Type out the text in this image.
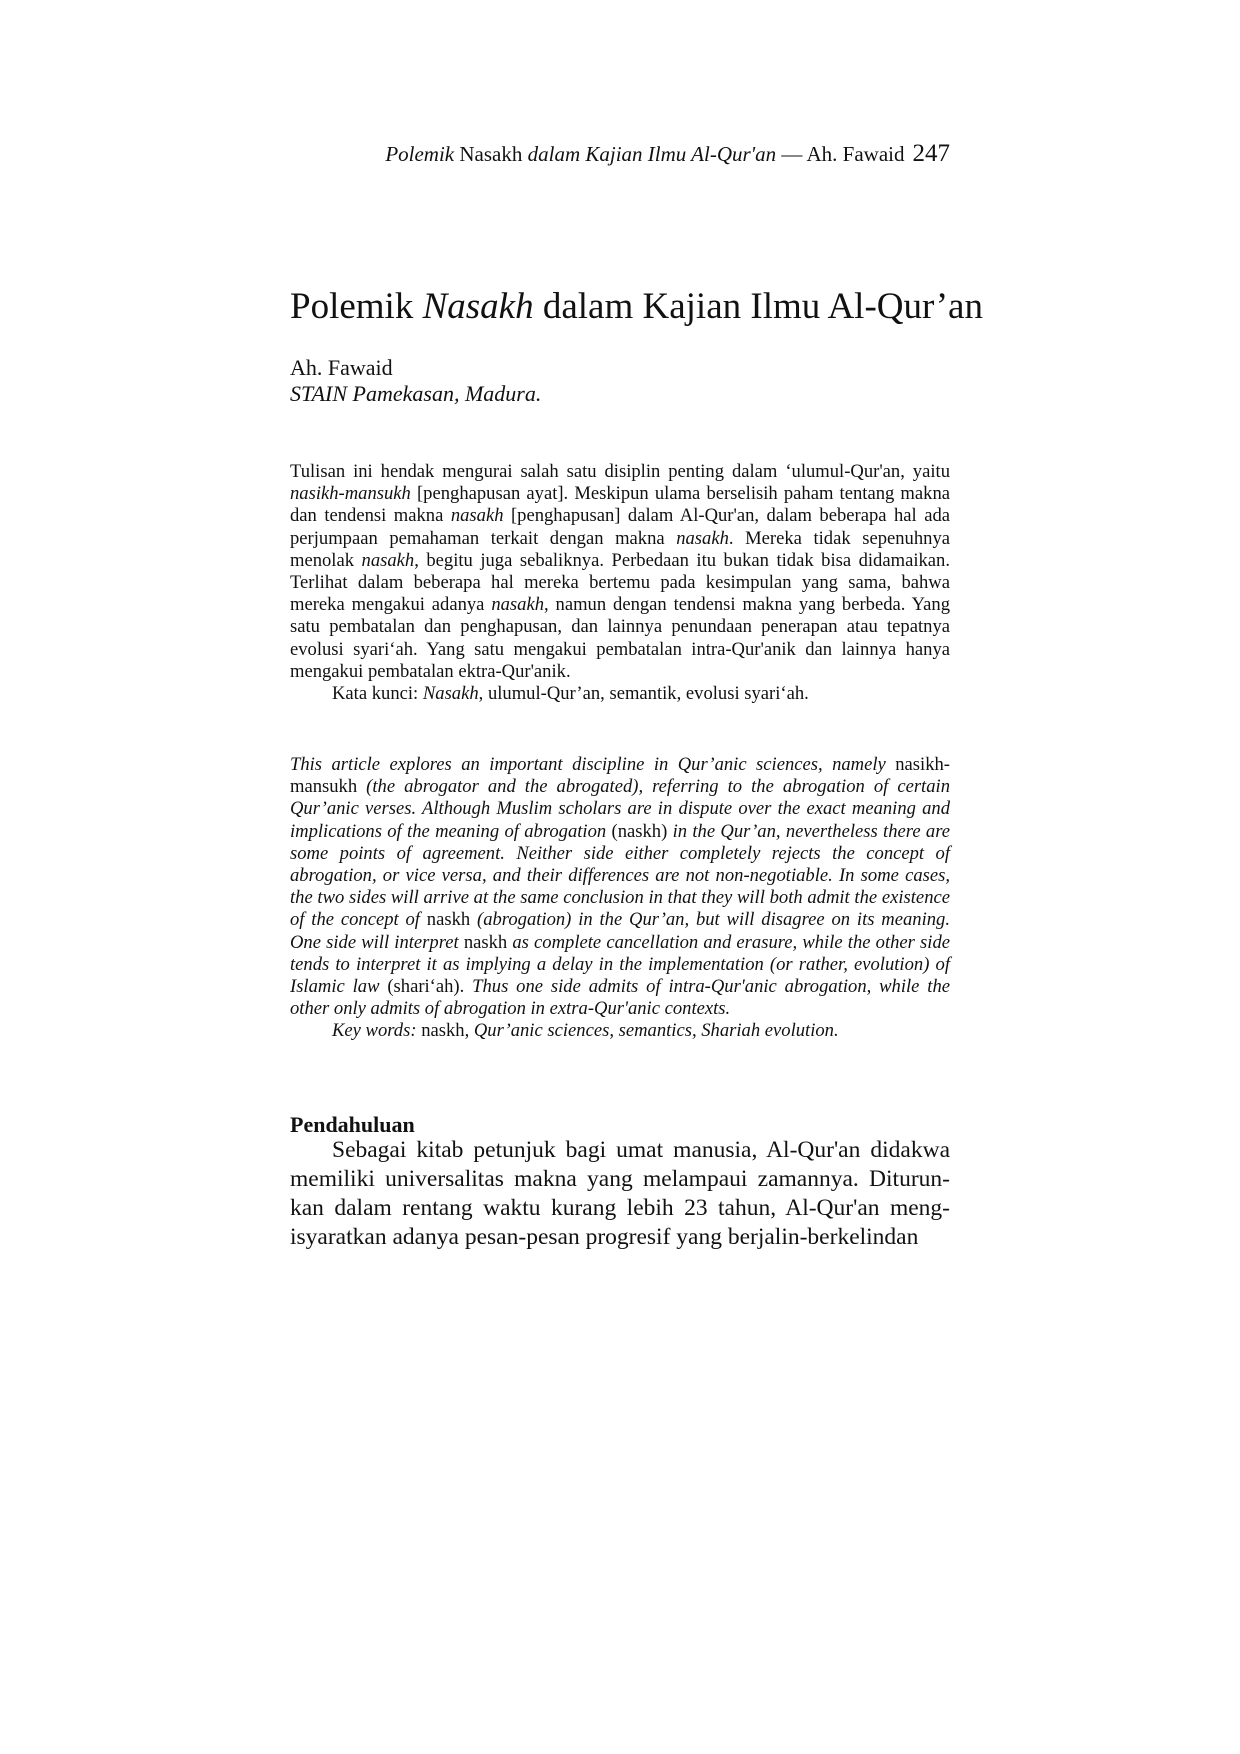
Polemik Nasakh dalam Kajian Ilmu Al-Qur'an — Ah. Fawaid 247
Polemik Nasakh dalam Kajian Ilmu Al-Qur’an
Ah. Fawaid
STAIN Pamekasan, Madura.

Tulisan ini hendak mengurai salah satu disiplin penting dalam ‘ulumul-Qur'an, yaitu nasikh-mansukh [penghapusan ayat]. Meskipun ulama berselisih paham tentang makna dan tendensi makna nasakh [penghapusan] dalam Al-Qur'an, dalam beberapa hal ada perjumpaan pemahaman terkait dengan makna nasakh. Mereka tidak sepenuhnya menolak nasakh, begitu juga sebaliknya. Perbedaan itu bukan tidak bisa didamaikan. Terlihat dalam beberapa hal mereka bertemu pada kesimpulan yang sama, bahwa mereka mengakui adanya nasakh, namun dengan tendensi makna yang berbeda. Yang satu pembatalan dan penghapusan, dan lainnya penundaan penerapan atau tepatnya evolusi syari‘ah. Yang satu mengakui pembatalan intra-Qur'anik dan lainnya hanya mengakui pembatalan ektra-Qur'anik.

Kata kunci: Nasakh, ulumul-Qur’an, semantik, evolusi syari‘ah.

This article explores an important discipline in Qur’anic sciences, namely nasikh-mansukh (the abrogator and the abrogated), referring to the abrogation of certain Qur’anic verses. Although Muslim scholars are in dispute over the exact meaning and implications of the meaning of abrogation (naskh) in the Qur’an, nevertheless there are some points of agreement. Neither side either completely rejects the concept of abrogation, or vice versa, and their differences are not non-negotiable. In some cases, the two sides will arrive at the same conclusion in that they will both admit the existence of the concept of naskh (abrogation) in the Qur’an, but will disagree on its meaning. One side will interpret naskh as complete cancellation and erasure, while the other side tends to interpret it as implying a delay in the implementation (or rather, evolution) of Islamic law (shari‘ah). Thus one side admits of intra-Qur'anic abrogation, while the other only admits of abrogation in extra-Qur'anic contexts.

Key words: naskh, Qur’anic sciences, semantics, Shariah evolution.

Pendahuluan

Sebagai kitab petunjuk bagi umat manusia, Al-Qur'an didakwa memiliki universalitas makna yang melampaui zamannya. Diturun-kan dalam rentang waktu kurang lebih 23 tahun, Al-Qur'an meng-isyaratkan adanya pesan-pesan progresif yang berjalin-berkelindan
